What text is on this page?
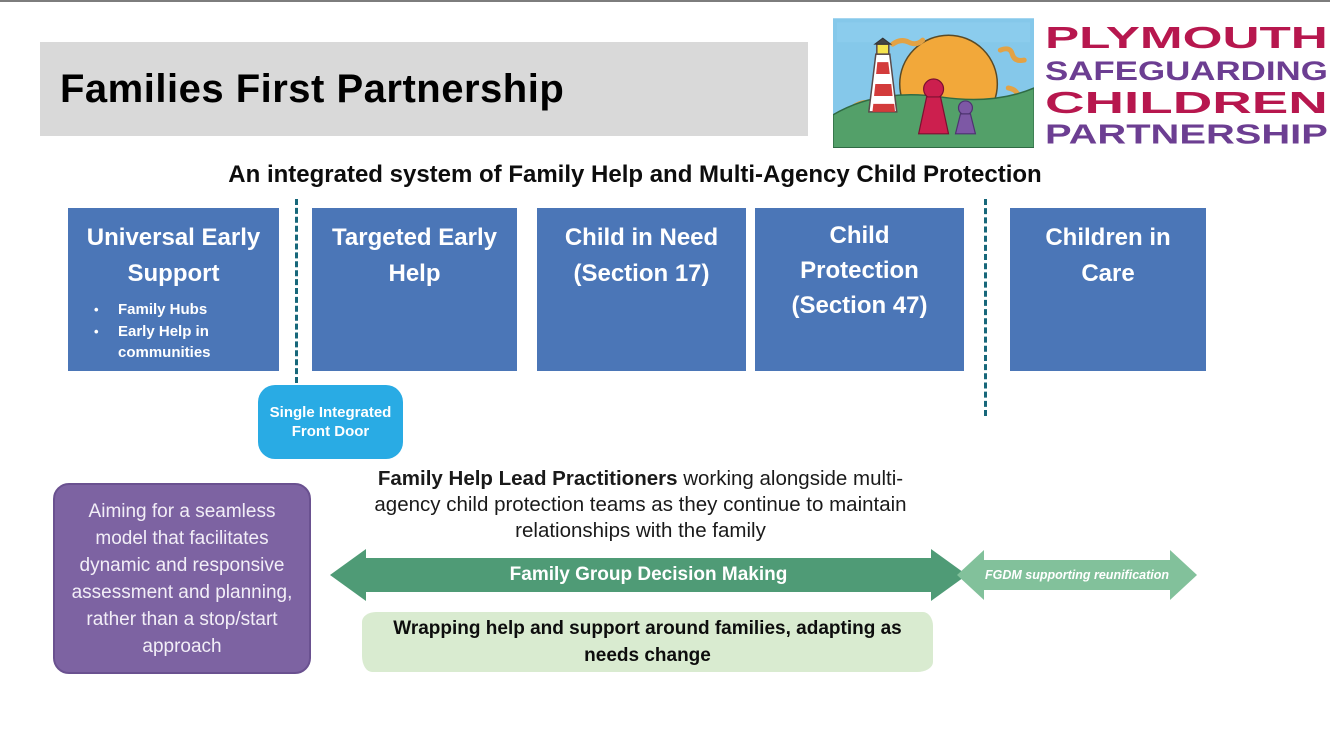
Families First Partnership
PLYMOUTH
SAFEGUARDING
CHILDREN
PARTNERSHIP
An integrated system of Family Help and Multi-Agency Child Protection
Universal Early Support
• Family Hubs
• Early Help in communities
Targeted Early Help
Child in Need (Section 17)
Child Protection (Section 47)
Children in Care
Single Integrated Front Door
Aiming for a seamless model that facilitates dynamic and responsive assessment and planning, rather than a stop/start approach
Family Help Lead Practitioners working alongside multi-agency child protection teams as they continue to maintain relationships with the family
Family Group Decision Making	FGDM supporting reunification
Wrapping help and support around families, adapting as needs change
